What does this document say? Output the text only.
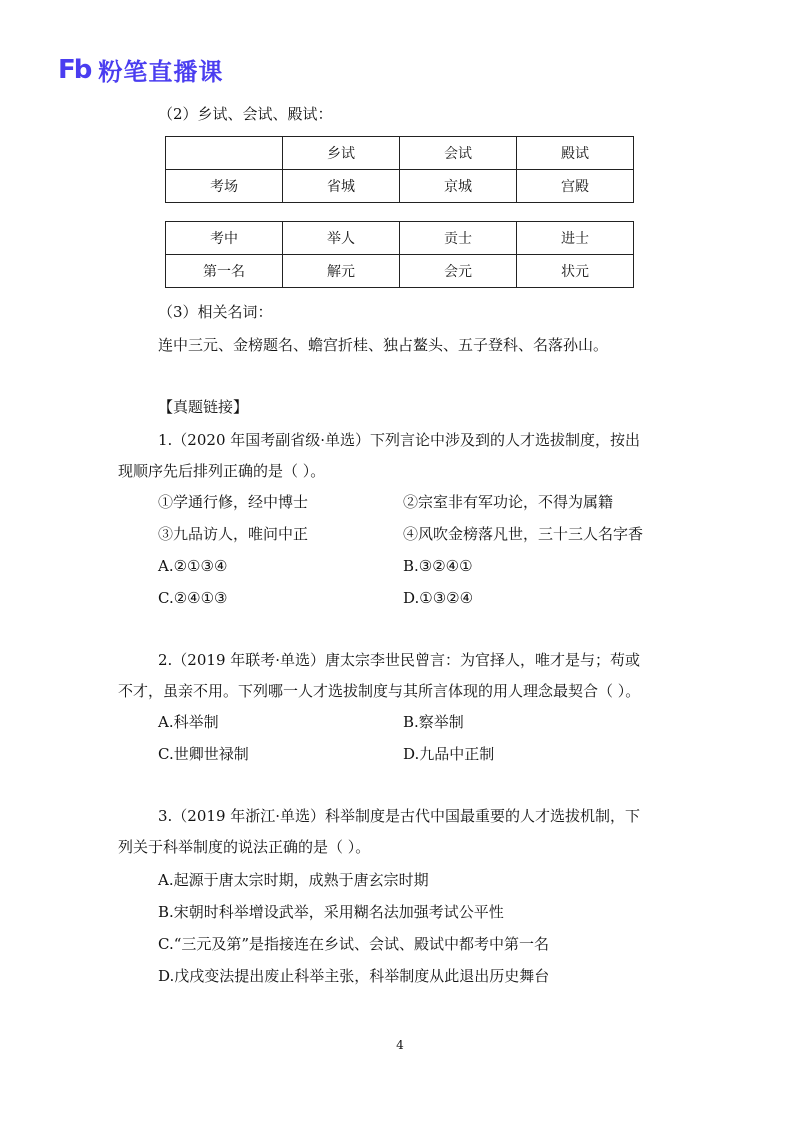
Fb 粉笔直播课
（2）乡试、会试、殿试：
	乡试	会试	殿试
考场	省城	京城	宫殿
考中	举人	贡士	进士
第一名	解元	会元	状元
（3）相关名词：
连中三元、金榜题名、蟾宫折桂、独占鳌头、五子登科、名落孙山。
【真题链接】
1.（2020 年国考副省级·单选）下列言论中涉及到的人才选拔制度，按出
现顺序先后排列正确的是（ ）。
①学通行修，经中博士	②宗室非有军功论，不得为属籍
③九品访人，唯问中正	④风吹金榜落凡世，三十三人名字香
A.②①③④	B.③②④①
C.②④①③	D.①③②④
2.（2019 年联考·单选）唐太宗李世民曾言：为官择人，唯才是与；苟或
不才，虽亲不用。下列哪一人才选拔制度与其所言体现的用人理念最契合（ ）。
A.科举制	B.察举制
C.世卿世禄制	D.九品中正制
3.（2019 年浙江·单选）科举制度是古代中国最重要的人才选拔机制，下
列关于科举制度的说法正确的是（ ）。
A.起源于唐太宗时期，成熟于唐玄宗时期
B.宋朝时科举增设武举，采用糊名法加强考试公平性
C.“三元及第”是指接连在乡试、会试、殿试中都考中第一名
D.戊戌变法提出废止科举主张，科举制度从此退出历史舞台
4
